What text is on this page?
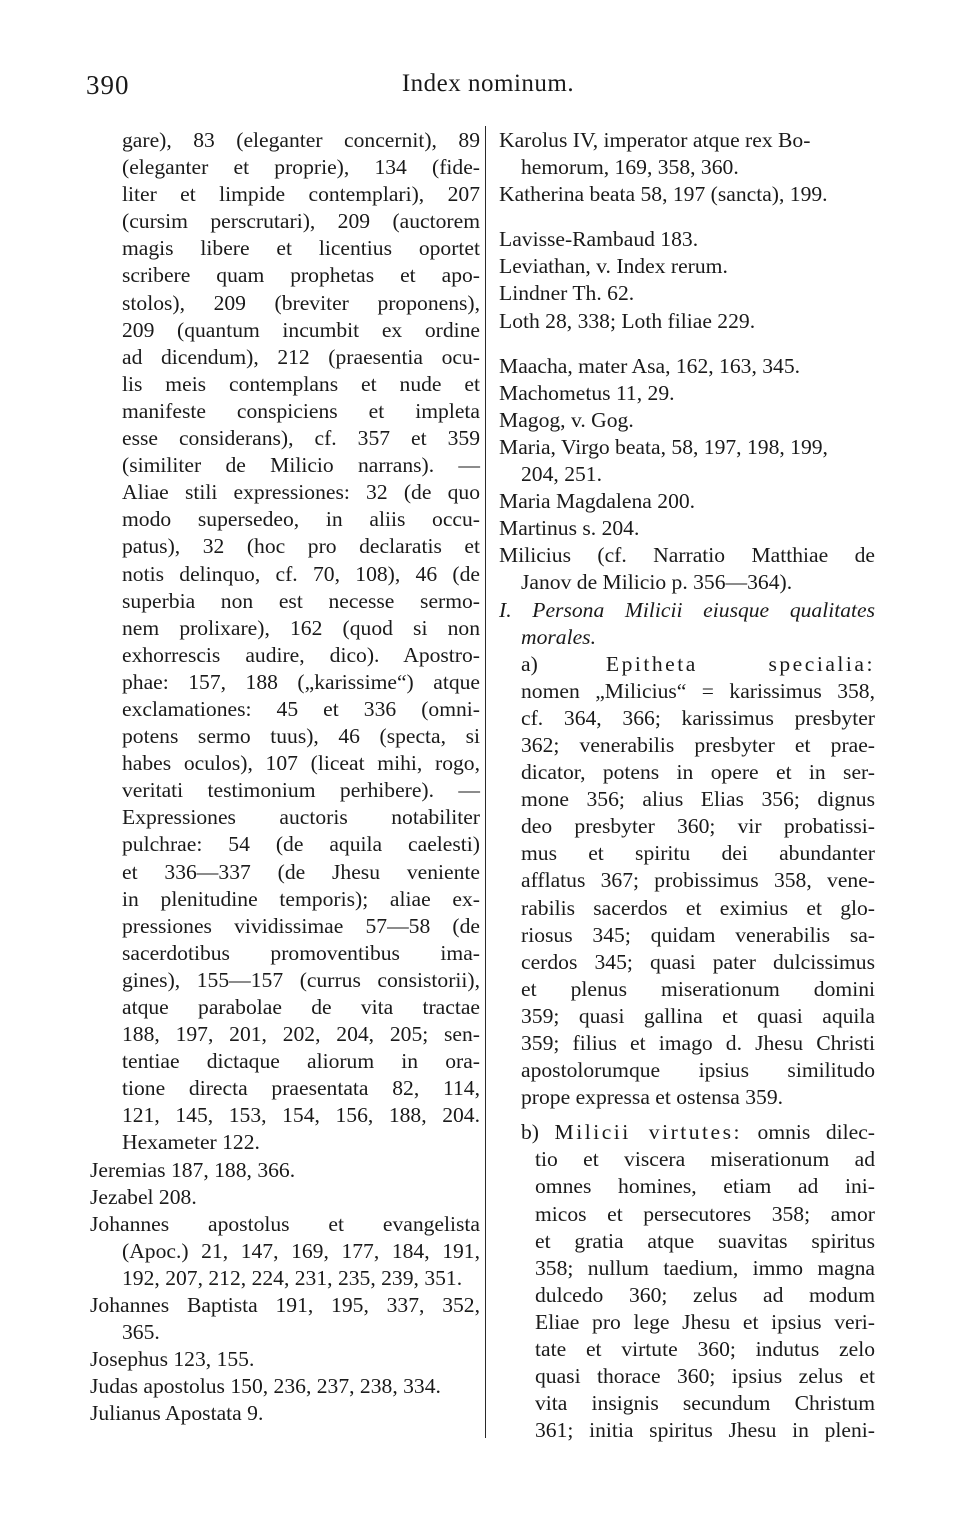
390	Index nominum.
gare), 83 (eleganter concernit), 89
(eleganter et proprie), 134 (fide-
liter et limpide contemplari), 207
(cursim perscrutari), 209 (auctorem
magis libere et licentius oportet
scribere quam prophetas et apo-
stolos), 209 (breviter proponens),
209 (quantum incumbit ex ordine
ad dicendum), 212 (praesentia ocu-
lis meis contemplans et nude et
manifeste conspiciens et impleta
esse considerans), cf. 357 et 359
(similiter de Milicio narrans). —
Aliae stili expressiones: 32 (de quo
modo supersedeo, in aliis occu-
patus), 32 (hoc pro declaratis et
notis delinquo, cf. 70, 108), 46 (de
superbia non est necesse sermo-
nem prolixare), 162 (quod si non
exhorrescis audire, dico). Apostro-
phae: 157, 188 („karissime“) atque
exclamationes: 45 et 336 (omni-
potens sermo tuus), 46 (specta, si
habes oculos), 107 (liceat mihi, rogo,
veritati testimonium perhibere). —
Expressiones auctoris notabiliter
pulchrae: 54 (de aquila caelesti)
et 336—337 (de Jhesu veniente
in plenitudine temporis); aliae ex-
pressiones vividissimae 57—58 (de
sacerdotibus promoventibus ima-
gines), 155—157 (currus consistorii),
atque parabolae de vita tractae
188, 197, 201, 202, 204, 205; sen-
tentiae dictaque aliorum in ora-
tione directa praesentata 82, 114,
121, 145, 153, 154, 156, 188, 204.
Hexameter 122.
Jeremias 187, 188, 366.
Jezabel 208.
Johannes apostolus et evangelista
(Apoc.) 21, 147, 169, 177, 184, 191,
192, 207, 212, 224, 231, 235, 239, 351.
Johannes Baptista 191, 195, 337, 352,
365.
Josephus 123, 155.
Judas apostolus 150, 236, 237, 238, 334.
Julianus Apostata 9.
Karolus IV, imperator atque rex Bo-
hemorum, 169, 358, 360.
Katherina beata 58, 197 (sancta), 199.
Lavisse-Rambaud 183.
Leviathan, v. Index rerum.
Lindner Th. 62.
Loth 28, 338; Loth filiae 229.
Maacha, mater Asa, 162, 163, 345.
Machometus 11, 29.
Magog, v. Gog.
Maria, Virgo beata, 58, 197, 198, 199,
204, 251.
Maria Magdalena 200.
Martinus s. 204.
Milicius (cf. Narratio Matthiae de
Janov de Milicio p. 356—364).
I. Persona Milicii eiusque qualitates
morales.
a)	Epitheta specialia:
nomen „Milicius“ = karissimus 358,
cf. 364, 366; karissimus presbyter
362; venerabilis presbyter et prae-
dicator, potens in opere et in ser-
mone 356; alius Elias 356; dignus
deo presbyter 360; vir probatissi-
mus et spiritu dei abundanter
afflatus 367; probissimus 358, vene-
rabilis sacerdos et eximius et glo-
riosus 345; quidam venerabilis sa-
cerdos 345; quasi pater dulcissimus
et plenus miserationum domini
359; quasi gallina et quasi aquila
359; filius et imago d. Jhesu Christi
apostolorumque ipsius similitudo
prope expressa et ostensa 359.
b) Milicii virtutes: omnis dilec-
tio et viscera miserationum ad
omnes homines, etiam ad ini-
micos et persecutores 358; amor
et gratia atque suavitas spiritus
358; nullum taedium, immo magna
dulcedo 360; zelus ad modum
Eliae pro lege Jhesu et ipsius veri-
tate et virtute 360; indutus zelo
quasi thorace 360; ipsius zelus et
vita insignis secundum Christum
361; initia spiritus Jhesu in pleni-
